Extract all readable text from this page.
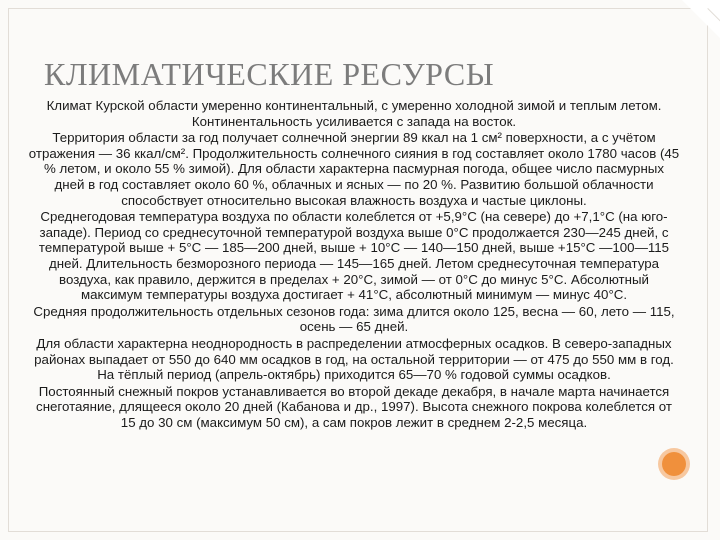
КЛИМАТИЧЕСКИЕ РЕСУРСЫ

Климат Курской области умеренно континентальный, с умеренно холодной зимой и теплым летом. Континентальность усиливается с запада на восток.

Территория области за год получает солнечной энергии 89 ккал на 1 см² поверхности, а с учётом отражения — 36 ккал/см². Продолжительность солнечного сияния в год составляет около 1780 часов (45 % летом, и около 55 % зимой). Для области характерна пасмурная погода, общее число пасмурных дней в год составляет около 60 %, облачных и ясных — по 20 %. Развитию большой облачности способствует относительно высокая влажность воздуха и частые циклоны.

Среднегодовая температура воздуха по области колеблется от +5,9°C (на севере) до +7,1°C (на юго-западе). Период со среднесуточной температурой воздуха выше 0°C продолжается 230—245 дней, с температурой выше + 5°C — 185—200 дней, выше + 10°C — 140—150 дней, выше +15°C —100—115 дней. Длительность безморозного периода — 145—165 дней. Летом среднесуточная температура воздуха, как правило, держится в пределах + 20°C, зимой — от 0°C до минус 5°C. Абсолютный максимум температуры воздуха достигает + 41°C, абсолютный минимум — минус 40°C.

Средняя продолжительность отдельных сезонов года: зима длится около 125, весна — 60, лето — 115, осень — 65 дней.

Для области характерна неоднородность в распределении атмосферных осадков. В северо-западных районах выпадает от 550 до 640 мм осадков в год, на остальной территории — от 475 до 550 мм в год. На тёплый период (апрель-октябрь) приходится 65—70 % годовой суммы осадков.

Постоянный снежный покров устанавливается во второй декаде декабря, в начале марта начинается снеготаяние, длящееся около 20 дней (Кабанова и др., 1997). Высота снежного покрова колеблется от 15 до 30 см (максимум 50 см), а сам покров лежит в среднем 2-2,5 месяца.
